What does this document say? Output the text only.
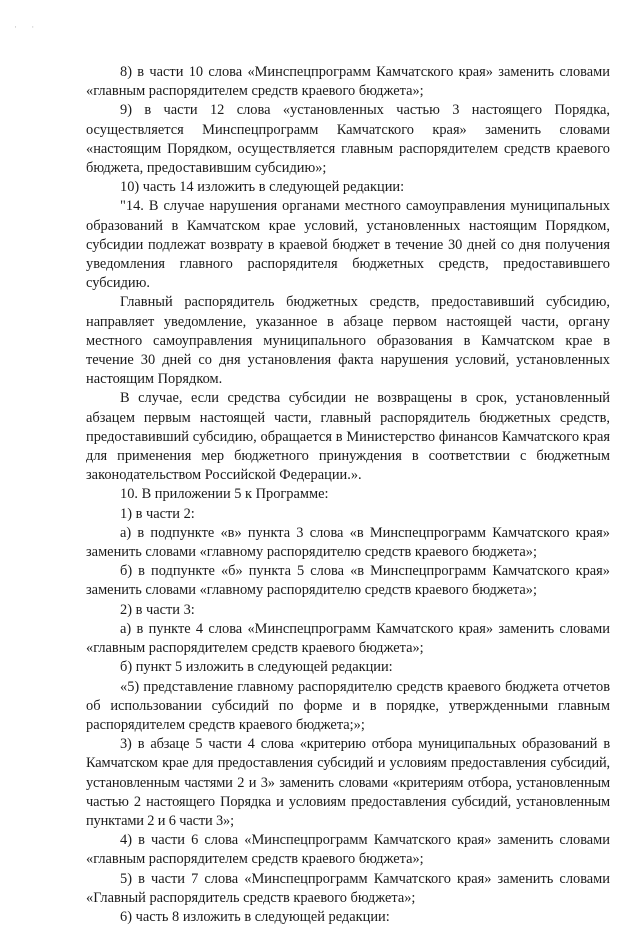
· ·

8) в части 10 слова «Минспецпрограмм Камчатского края» заменить словами «главным распорядителем средств краевого бюджета»;

9) в части 12 слова «установленных частью 3 настоящего Порядка, осуществляется Минспецпрограмм Камчатского края» заменить словами «настоящим Порядком, осуществляется главным распорядителем средств краевого бюджета, предоставившим субсидию»;

10) часть 14 изложить в следующей редакции:

"14. В случае нарушения органами местного самоуправления муниципальных образований в Камчатском крае условий, установленных настоящим Порядком, субсидии подлежат возврату в краевой бюджет в течение 30 дней со дня получения уведомления главного распорядителя бюджетных средств, предоставившего субсидию.

Главный распорядитель бюджетных средств, предоставивший субсидию, направляет уведомление, указанное в абзаце первом настоящей части, органу местного самоуправления муниципального образования в Камчатском крае в течение 30 дней со дня установления факта нарушения условий, установленных настоящим Порядком.

В случае, если средства субсидии не возвращены в срок, установленный абзацем первым настоящей части, главный распорядитель бюджетных средств, предоставивший субсидию, обращается в Министерство финансов Камчатского края для применения мер бюджетного принуждения в соответствии с бюджетным законодательством Российской Федерации.».

10. В приложении 5 к Программе:

1) в части 2:

а) в подпункте «в» пункта 3 слова «в Минспецпрограмм Камчатского края» заменить словами «главному распорядителю средств краевого бюджета»;

б) в подпункте «б» пункта 5 слова «в Минспецпрограмм Камчатского края» заменить словами «главному распорядителю средств краевого бюджета»;

2) в части 3:

а) в пункте 4 слова «Минспецпрограмм Камчатского края» заменить словами «главным распорядителем средств краевого бюджета»;

б) пункт 5 изложить в следующей редакции:

«5) представление главному распорядителю средств краевого бюджета отчетов об использовании субсидий по форме и в порядке, утвержденными главным распорядителем средств краевого бюджета;»;

3) в абзаце 5 части 4 слова «критерию отбора муниципальных образований в Камчатском крае для предоставления субсидий и условиям предоставления субсидий, установленным частями 2 и 3» заменить словами «критериям отбора, установленным частью 2 настоящего Порядка и условиям предоставления субсидий, установленным пунктами 2 и 6 части 3»;

4) в части 6 слова «Минспецпрограмм Камчатского края» заменить словами «главным распорядителем средств краевого бюджета»;

5) в части 7 слова «Минспецпрограмм Камчатского края» заменить словами «Главный распорядитель средств краевого бюджета»;

6) часть 8 изложить в следующей редакции:
